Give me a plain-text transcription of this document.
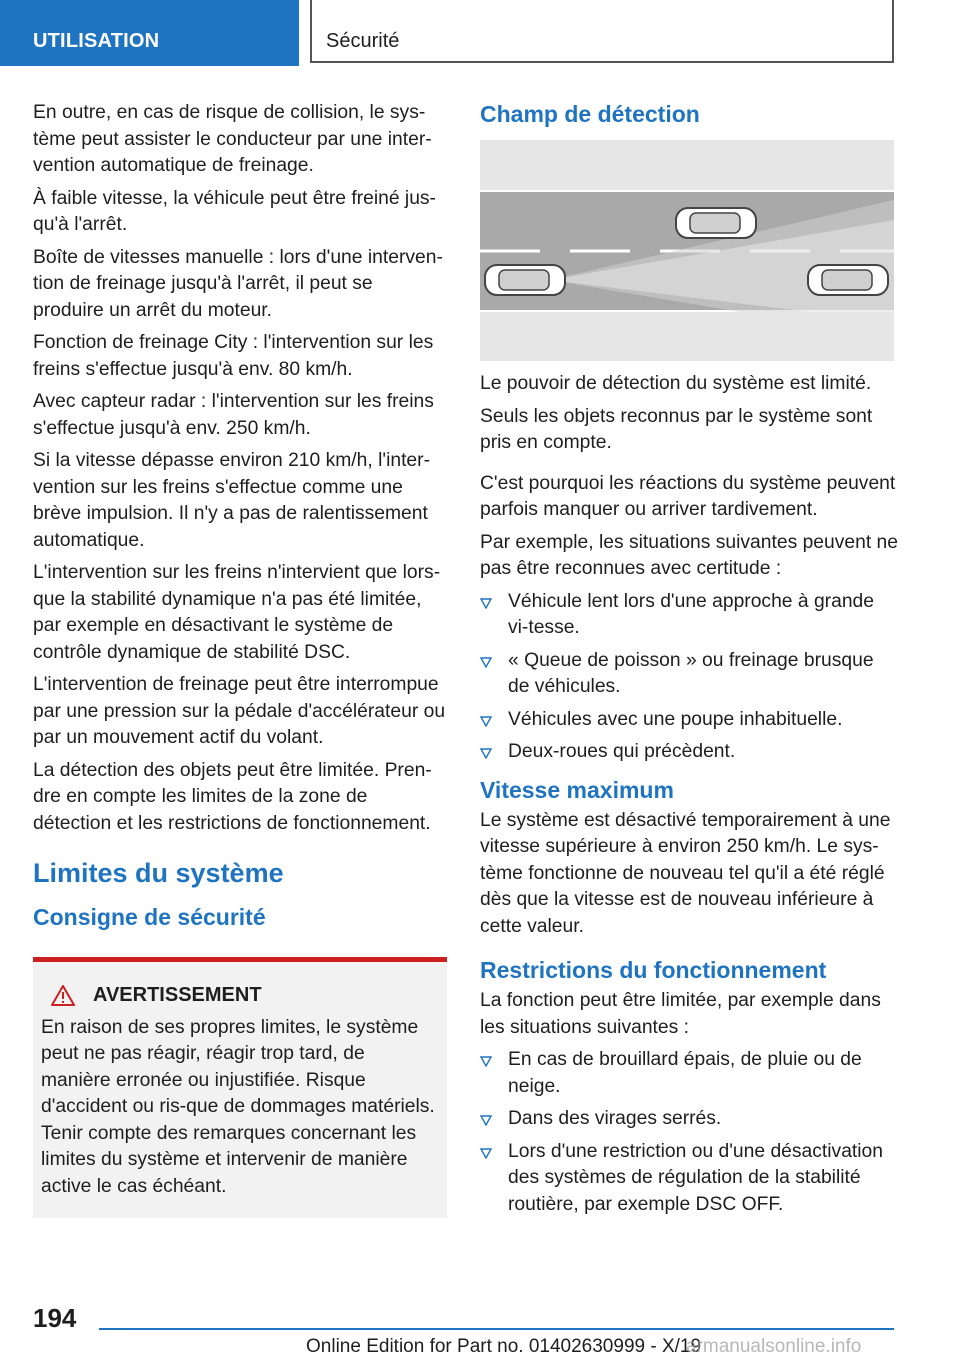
UTILISATION	Sécurité

En outre, en cas de risque de collision, le sys-tème peut assister le conducteur par une inter-vention automatique de freinage.

À faible vitesse, la véhicule peut être freiné jus-qu'à l'arrêt.

Boîte de vitesses manuelle : lors d'une interven-tion de freinage jusqu'à l'arrêt, il peut se produire un arrêt du moteur.

Fonction de freinage City : l'intervention sur les freins s'effectue jusqu'à env. 80 km/h.

Avec capteur radar : l'intervention sur les freins s'effectue jusqu'à env. 250 km/h.

Si la vitesse dépasse environ 210 km/h, l'inter-vention sur les freins s'effectue comme une brève impulsion. Il n'y a pas de ralentissement automatique.

L'intervention sur les freins n'intervient que lors-que la stabilité dynamique n'a pas été limitée, par exemple en désactivant le système de contrôle dynamique de stabilité DSC.

L'intervention de freinage peut être interrompue par une pression sur la pédale d'accélérateur ou par un mouvement actif du volant.

La détection des objets peut être limitée. Pren-dre en compte les limites de la zone de détection et les restrictions de fonctionnement.

Limites du système
Consigne de sécurité
AVERTISSEMENT

En raison de ses propres limites, le système peut ne pas réagir, réagir trop tard, de manière erronée ou injustifiée. Risque d'accident ou ris-que de dommages matériels. Tenir compte des remarques concernant les limites du système et intervenir de manière active le cas échéant.

Champ de détection

Le pouvoir de détection du système est limité.

Seuls les objets reconnus par le système sont pris en compte.

C'est pourquoi les réactions du système peuvent parfois manquer ou arriver tardivement.

Par exemple, les situations suivantes peuvent ne pas être reconnues avec certitude :

Véhicule lent lors d'une approche à grande vi-tesse.
« Queue de poisson » ou freinage brusque de véhicules.
Véhicules avec une poupe inhabituelle.
Deux-roues qui précèdent.
Vitesse maximum

Le système est désactivé temporairement à une vitesse supérieure à environ 250 km/h. Le sys-tème fonctionne de nouveau tel qu'il a été réglé dès que la vitesse est de nouveau inférieure à cette valeur.

Restrictions du fonctionnement

La fonction peut être limitée, par exemple dans les situations suivantes :

En cas de brouillard épais, de pluie ou de neige.
Dans des virages serrés.
Lors d'une restriction ou d'une désactivation des systèmes de régulation de la stabilité routière, par exemple DSC OFF.
194
Online Edition for Part no. 01402630999 - X/19
armanualsonline.info
